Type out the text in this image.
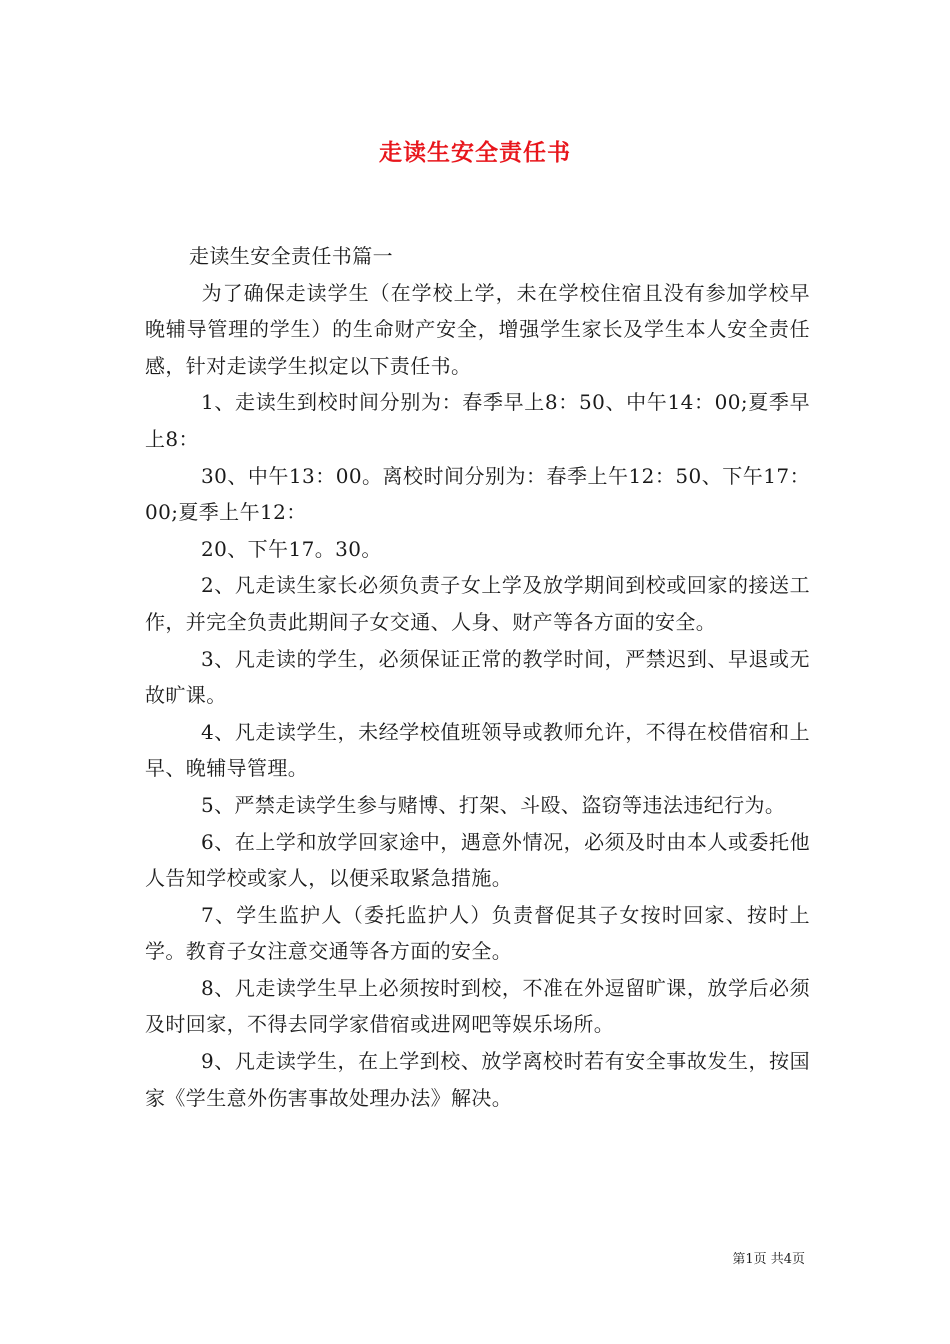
走读生安全责任书

走读生安全责任书篇一

为了确保走读学生（在学校上学，未在学校住宿且没有参加学校早晚辅导管理的学生）的生命财产安全，增强学生家长及学生本人安全责任感，针对走读学生拟定以下责任书。

1、走读生到校时间分别为：春季早上8：50、中午14：00;夏季早上8：

30、中午13：00。离校时间分别为：春季上午12：50、下午17：00;夏季上午12：

20、下午17。30。

2、凡走读生家长必须负责子女上学及放学期间到校或回家的接送工作，并完全负责此期间子女交通、人身、财产等各方面的安全。

3、凡走读的学生，必须保证正常的教学时间，严禁迟到、早退或无故旷课。

4、凡走读学生，未经学校值班领导或教师允许，不得在校借宿和上早、晚辅导管理。

5、严禁走读学生参与赌博、打架、斗殴、盗窃等违法违纪行为。

6、在上学和放学回家途中，遇意外情况，必须及时由本人或委托他人告知学校或家人，以便采取紧急措施。

7、学生监护人（委托监护人）负责督促其子女按时回家、按时上学。教育子女注意交通等各方面的安全。

8、凡走读学生早上必须按时到校，不准在外逗留旷课，放学后必须及时回家，不得去同学家借宿或进网吧等娱乐场所。

9、凡走读学生，在上学到校、放学离校时若有安全事故发生，按国家《学生意外伤害事故处理办法》解决。

第1页 共4页
